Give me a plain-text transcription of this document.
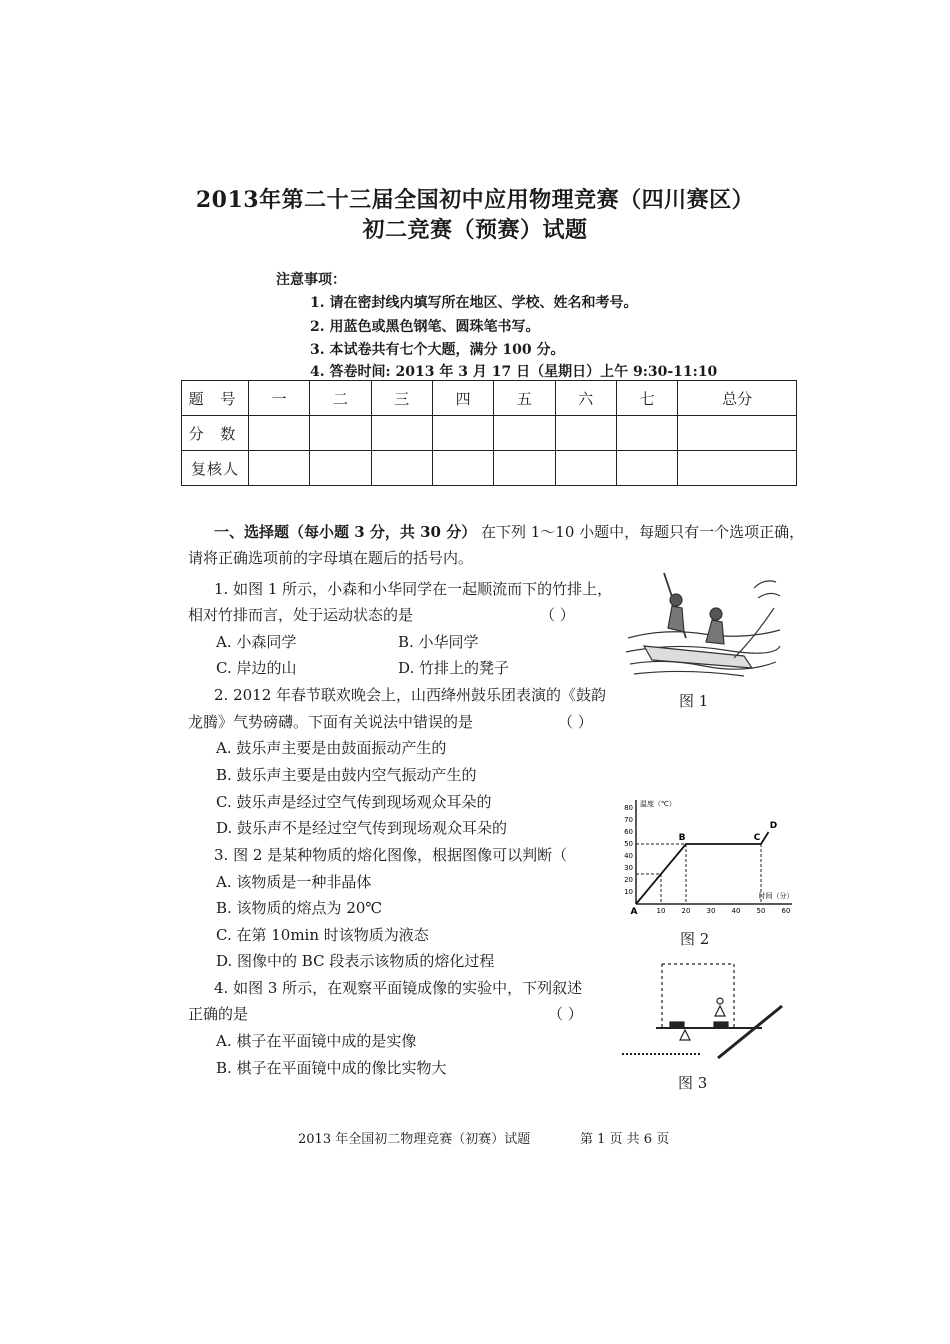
2013年第二十三届全国初中应用物理竞赛（四川赛区）
初二竞赛（预赛）试题
注意事项：
1. 请在密封线内填写所在地区、学校、姓名和考号。
2. 用蓝色或黑色钢笔、圆珠笔书写。
3. 本试卷共有七个大题，满分 100 分。
4. 答卷时间: 2013 年 3 月 17 日（星期日）上午 9:30-11:10
题 号	一	二	三	四	五	六	七	总分
分 数								
复核人								
一、选择题（每小题 3 分，共 30 分） 在下列 1～10 小题中，每题只有一个选项正确，
请将正确选项前的字母填在题后的括号内。
1. 如图 1 所示，小森和小华同学在一起顺流而下的竹排上，
相对竹排而言，处于运动状态的是	（ ）
A. 小森同学	B. 小华同学
C. 岸边的山	D. 竹排上的凳子
2. 2012 年春节联欢晚会上，山西绛州鼓乐团表演的《鼓韵
龙腾》气势磅礴。下面有关说法中错误的是	（ ）
A. 鼓乐声主要是由鼓面振动产生的
B. 鼓乐声主要是由鼓内空气振动产生的
C. 鼓乐声是经过空气传到现场观众耳朵的
D. 鼓乐声不是经过空气传到现场观众耳朵的
3. 图 2 是某种物质的熔化图像，根据图像可以判断（
A. 该物质是一种非晶体
B. 该物质的熔点为 20℃
C. 在第 10min 时该物质为液态
D. 图像中的 BC 段表示该物质的熔化过程
4. 如图 3 所示，在观察平面镜成像的实验中，下列叙述
正确的是	（ ）
A. 棋子在平面镜中成的是实像
B. 棋子在平面镜中成的像比实物大
图 1
10 20 30 40 50 60
10
20
30
40
50
60
70
80 温度（℃）
时间（分）
A
B	C
D
图 2
图 3
2013 年全国初二物理竞赛（初赛）试题	第 1 页 共 6 页
